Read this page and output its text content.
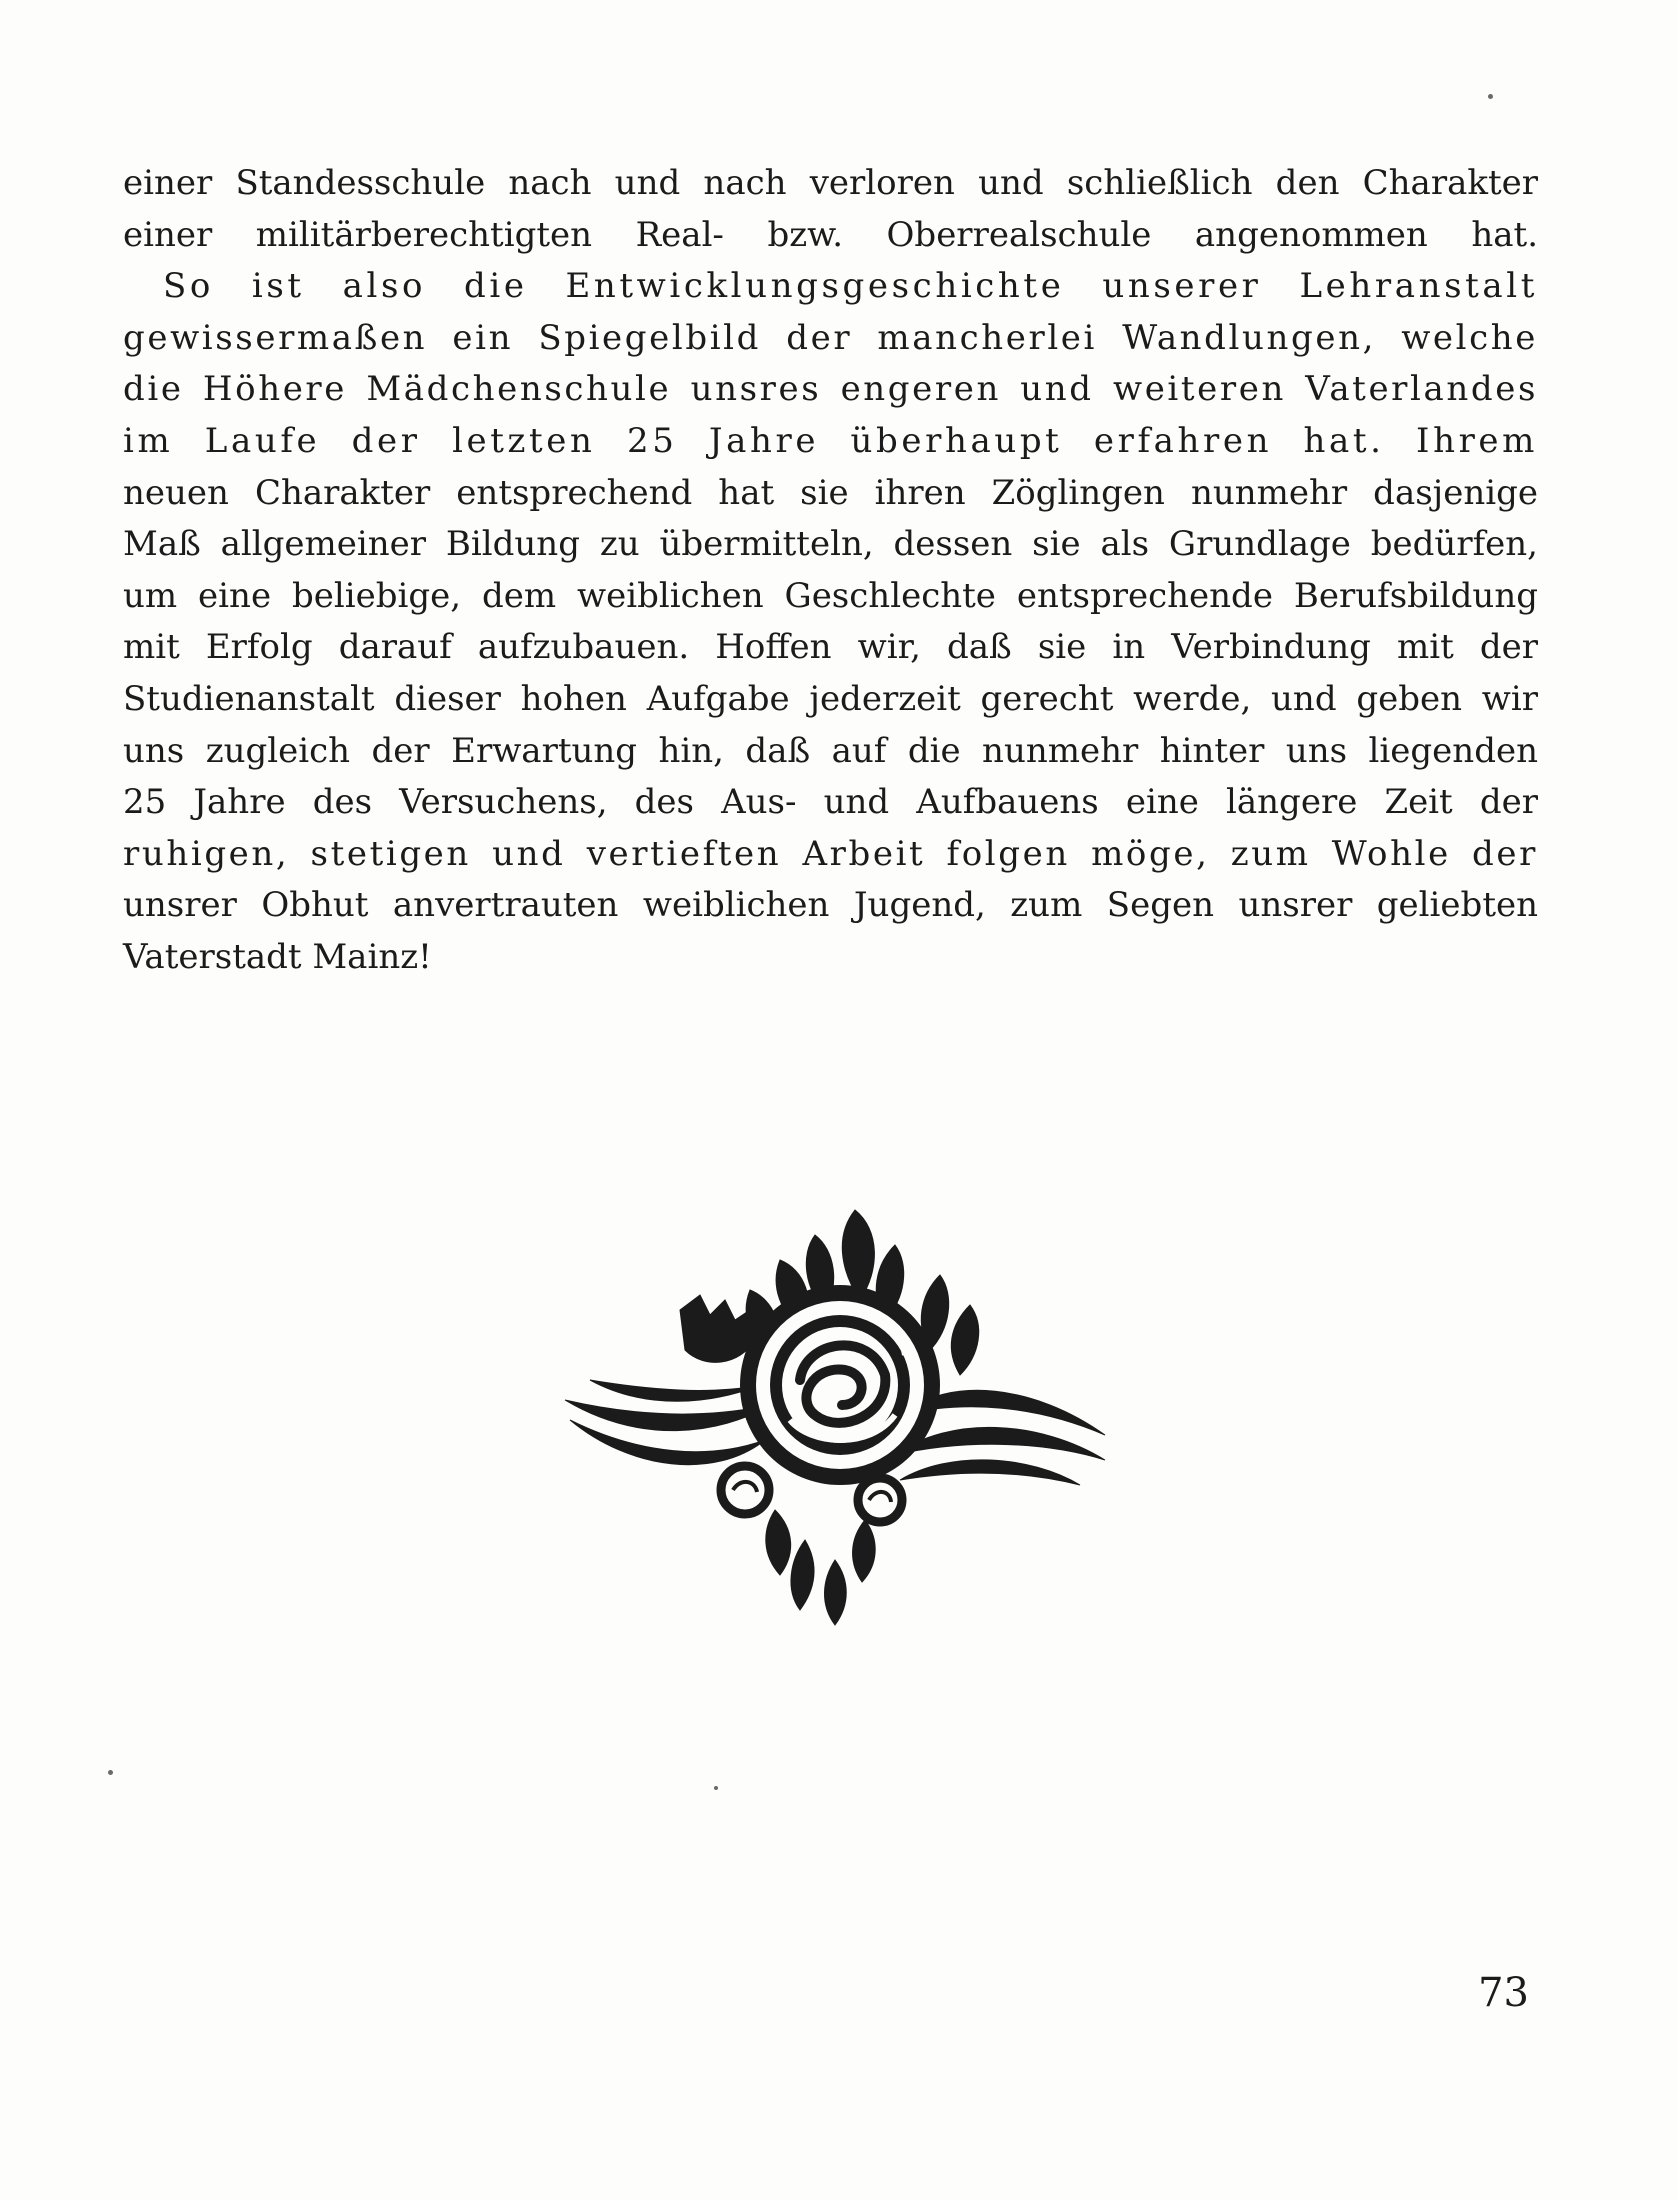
einer Standesschule nach und nach verloren und schließlich den Charakter
einer militärberechtigten Real- bzw. Oberrealschule angenommen hat.
So ist also die Entwicklungsgeschichte unserer Lehranstalt
gewissermaßen ein Spiegelbild der mancherlei Wandlungen, welche
die Höhere Mädchenschule unsres engeren und weiteren Vaterlandes
im Laufe der letzten 25 Jahre überhaupt erfahren hat. Ihrem
neuen Charakter entsprechend hat sie ihren Zöglingen nunmehr dasjenige
Maß allgemeiner Bildung zu übermitteln, dessen sie als Grundlage bedürfen,
um eine beliebige, dem weiblichen Geschlechte entsprechende Berufsbildung
mit Erfolg darauf aufzubauen. Hoffen wir, daß sie in Verbindung mit der
Studienanstalt dieser hohen Aufgabe jederzeit gerecht werde, und geben wir
uns zugleich der Erwartung hin, daß auf die nunmehr hinter uns liegenden
25 Jahre des Versuchens, des Aus- und Aufbauens eine längere Zeit der
ruhigen, stetigen und vertieften Arbeit folgen möge, zum Wohle der
unsrer Obhut anvertrauten weiblichen Jugend, zum Segen unsrer geliebten
Vaterstadt Mainz!
73
